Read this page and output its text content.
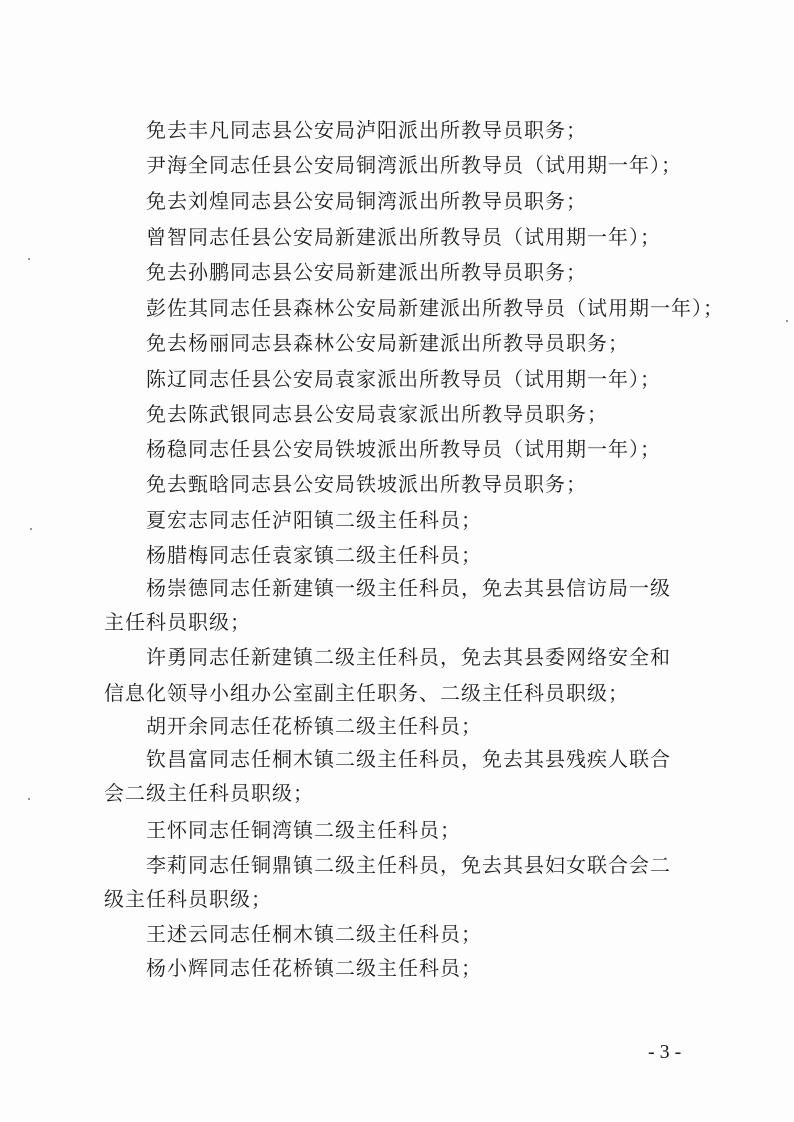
免去丰凡同志县公安局泸阳派出所教导员职务；
尹海全同志任县公安局铜湾派出所教导员（试用期一年）；
免去刘煌同志县公安局铜湾派出所教导员职务；
曾智同志任县公安局新建派出所教导员（试用期一年）；
免去孙鹏同志县公安局新建派出所教导员职务；
彭佐其同志任县森林公安局新建派出所教导员（试用期一年）；
免去杨丽同志县森林公安局新建派出所教导员职务；
陈辽同志任县公安局袁家派出所教导员（试用期一年）；
免去陈武银同志县公安局袁家派出所教导员职务；
杨稳同志任县公安局铁坡派出所教导员（试用期一年）；
免去甄晗同志县公安局铁坡派出所教导员职务；
夏宏志同志任泸阳镇二级主任科员；
杨腊梅同志任袁家镇二级主任科员；
杨崇德同志任新建镇一级主任科员，免去其县信访局一级
主任科员职级；
许勇同志任新建镇二级主任科员，免去其县委网络安全和
信息化领导小组办公室副主任职务、二级主任科员职级；
胡开余同志任花桥镇二级主任科员；
钦昌富同志任桐木镇二级主任科员，免去其县残疾人联合
会二级主任科员职级；
王怀同志任铜湾镇二级主任科员；
李莉同志任铜鼎镇二级主任科员，免去其县妇女联合会二
级主任科员职级；
王述云同志任桐木镇二级主任科员；
杨小辉同志任花桥镇二级主任科员；
- 3 -
